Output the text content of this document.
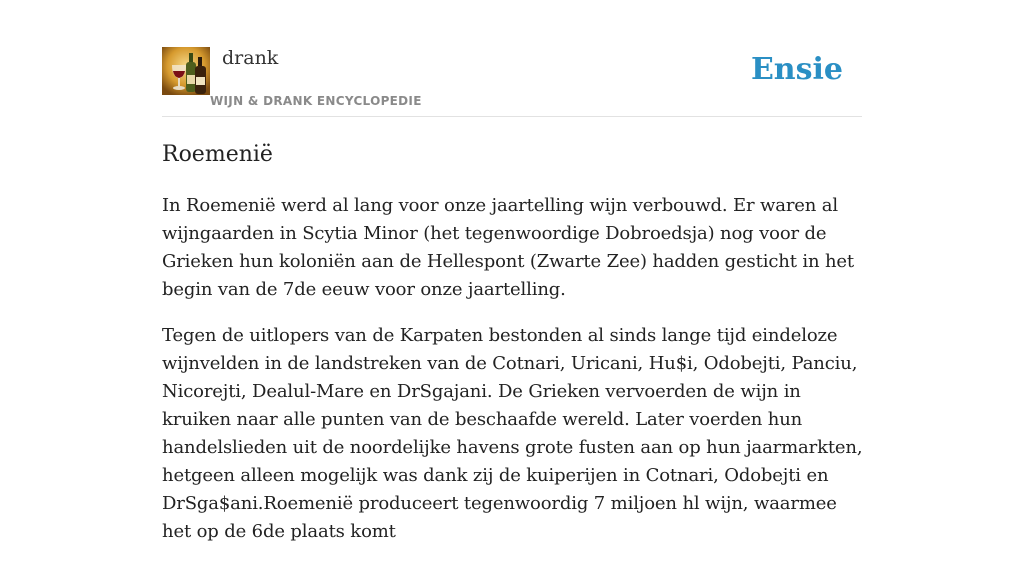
drank
WIJN & DRANK ENCYCLOPEDIE
Ensie
Roemenië

In Roemenië werd al lang voor onze jaartelling wijn verbouwd. Er waren al wijngaarden in Scytia Minor (het tegenwoordige Dobroedsja) nog voor de Grieken hun koloniën aan de Hellespont (Zwarte Zee) hadden gesticht in het begin van de 7de eeuw voor onze jaartelling.

Tegen de uitlopers van de Karpaten bestonden al sinds lange tijd eindeloze wijnvelden in de landstreken van de Cotnari, Uricani, Hu$i, Odobejti, Panciu, Nicorejti, Dealul-Mare en DrSgajani. De Grieken vervoerden de wijn in kruiken naar alle punten van de beschaafde wereld. Later voerden hun handelslieden uit de noordelijke havens grote fusten aan op hun jaarmarkten, hetgeen alleen mogelijk was dank zij de kuiperijen in Cotnari, Odobejti en DrSga$ani.Roemenië produceert tegenwoordig 7 miljoen hl wijn, waarmee het op de 6de plaats komt
